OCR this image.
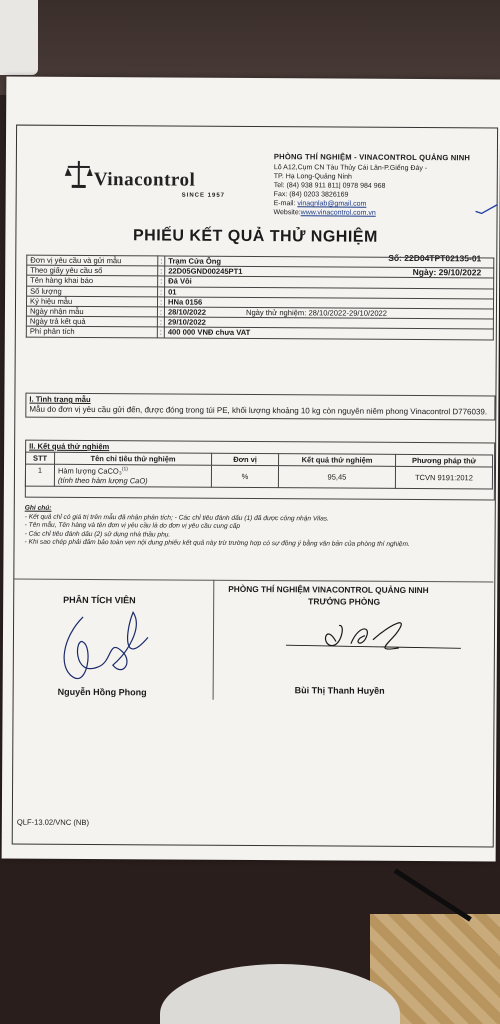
Vinacontrol
SINCE 1957
PHÒNG THÍ NGHIỆM - VINACONTROL QUẢNG NINH
Lô A12,Cụm CN Tàu Thủy Cái Lân-P.Giếng Đáy -
TP. Hạ Long-Quảng Ninh
Tel: (84) 938 911 811| 0978 984 968
Fax: (84) 0203 3826169
E-mail: vinaqnlab@gmail.com
Website:www.vinacontrol.com.vn
PHIẾU KẾT QUẢ THỬ NGHIỆM
Số: 22D04TPT02135-01
Ngày: 29/10/2022
Đơn vị yêu cầu và gửi mẫu	:	Trạm Cửa Ông
Theo giấy yêu cầu số	:	22D05GND00245PT1
Tên hàng khai báo	:	Đá Vôi
Số lượng	:	01
Ký hiệu mẫu	:	HNa 0156
Ngày nhận mẫu	:	28/10/2022 Ngày thử nghiệm: 28/10/2022-29/10/2022
Ngày trả kết quả	:	29/10/2022
Phí phân tích	:	400 000 VNĐ chưa VAT
I. Tình trạng mẫu
Mẫu do đơn vị yêu cầu gửi đến, được đóng trong túi PE, khối lượng khoảng 10 kg còn nguyên niêm phong Vinacontrol D776039.
II. Kết quả thử nghiệm
STT	Tên chỉ tiêu thử nghiệm	Đơn vị	Kết quả thử nghiệm	Phương pháp thử
1	Hàm lượng CaCO₃$^{(1)}$
(tính theo hàm lượng CaO)	%	95,45	TCVN 9191:2012
Ghi chú:
- Kết quả chỉ có giá trị trên mẫu đã nhận phân tích; - Các chỉ tiêu đánh dấu (1) đã được công nhận Vilas.
- Tên mẫu, Tên hàng và tên đơn vị yêu cầu là do đơn vị yêu cầu cung cấp
- Các chỉ tiêu đánh dấu (2) sử dụng nhà thầu phụ.
- Khi sao chép phải đảm bảo toàn vẹn nội dung phiếu kết quả này trừ trường hợp có sự đồng ý bằng văn bản của phòng thí nghiệm.
PHÂN TÍCH VIÊN
PHÒNG THÍ NGHIỆM VINACONTROL QUẢNG NINH
TRƯỞNG PHÒNG
Nguyễn Hồng Phong	Bùi Thị Thanh Huyền
QLF-13.02/VNC (NB)
